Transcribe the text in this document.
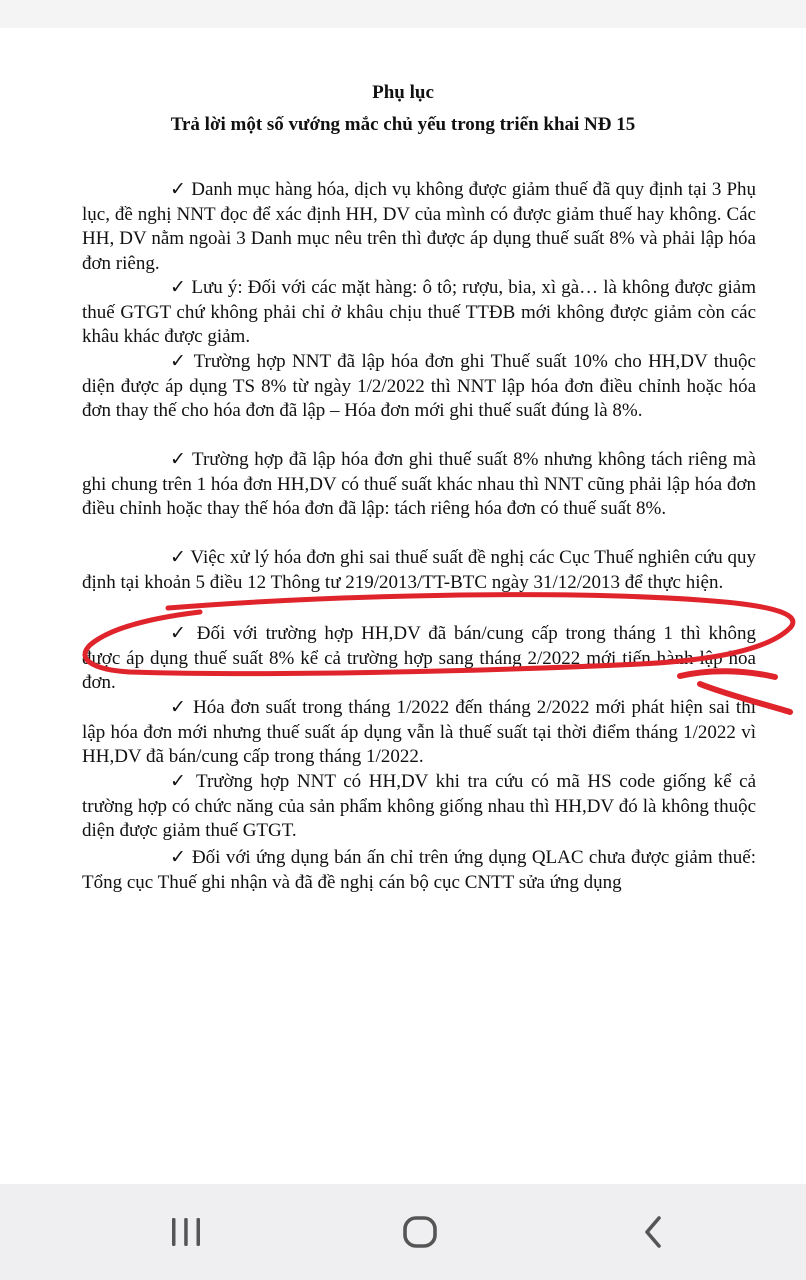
Phụ lục
Trả lời một số vướng mắc chủ yếu trong triển khai NĐ 15

✓ Danh mục hàng hóa, dịch vụ không được giảm thuế đã quy định tại 3 Phụ lục, đề nghị NNT đọc để xác định HH, DV của mình có được giảm thuế hay không. Các HH, DV nằm ngoài 3 Danh mục nêu trên thì được áp dụng thuế suất 8% và phải lập hóa đơn riêng.

✓ Lưu ý: Đối với các mặt hàng: ô tô; rượu, bia, xì gà… là không được giảm thuế GTGT chứ không phải chỉ ở khâu chịu thuế TTĐB mới không được giảm còn các khâu khác được giảm.

✓ Trường hợp NNT đã lập hóa đơn ghi Thuế suất 10% cho HH,DV thuộc diện được áp dụng TS 8% từ ngày 1/2/2022 thì NNT lập hóa đơn điều chỉnh hoặc hóa đơn thay thế cho hóa đơn đã lập – Hóa đơn mới ghi thuế suất đúng là 8%.

✓ Trường hợp đã lập hóa đơn ghi thuế suất 8% nhưng không tách riêng mà ghi chung trên 1 hóa đơn HH,DV có thuế suất khác nhau thì NNT cũng phải lập hóa đơn điều chỉnh hoặc thay thế hóa đơn đã lập: tách riêng hóa đơn có thuế suất 8%.

✓ Việc xử lý hóa đơn ghi sai thuế suất đề nghị các Cục Thuế nghiên cứu quy định tại khoản 5 điều 12 Thông tư 219/2013/TT-BTC ngày 31/12/2013 để thực hiện.

✓ Đối với trường hợp HH,DV đã bán/cung cấp trong tháng 1 thì không được áp dụng thuế suất 8% kể cả trường hợp sang tháng 2/2022 mới tiến hành lập hóa đơn.

✓ Hóa đơn suất trong tháng 1/2022 đến tháng 2/2022 mới phát hiện sai thì lập hóa đơn mới nhưng thuế suất áp dụng vẫn là thuế suất tại thời điểm tháng 1/2022 vì HH,DV đã bán/cung cấp trong tháng 1/2022.

✓ Trường hợp NNT có HH,DV khi tra cứu có mã HS code giống kể cả trường hợp có chức năng của sản phẩm không giống nhau thì HH,DV đó là không thuộc diện được giảm thuế GTGT.

✓ Đối với ứng dụng bán ấn chỉ trên ứng dụng QLAC chưa được giảm thuế: Tổng cục Thuế ghi nhận và đã đề nghị cán bộ cục CNTT sửa ứng dụng
